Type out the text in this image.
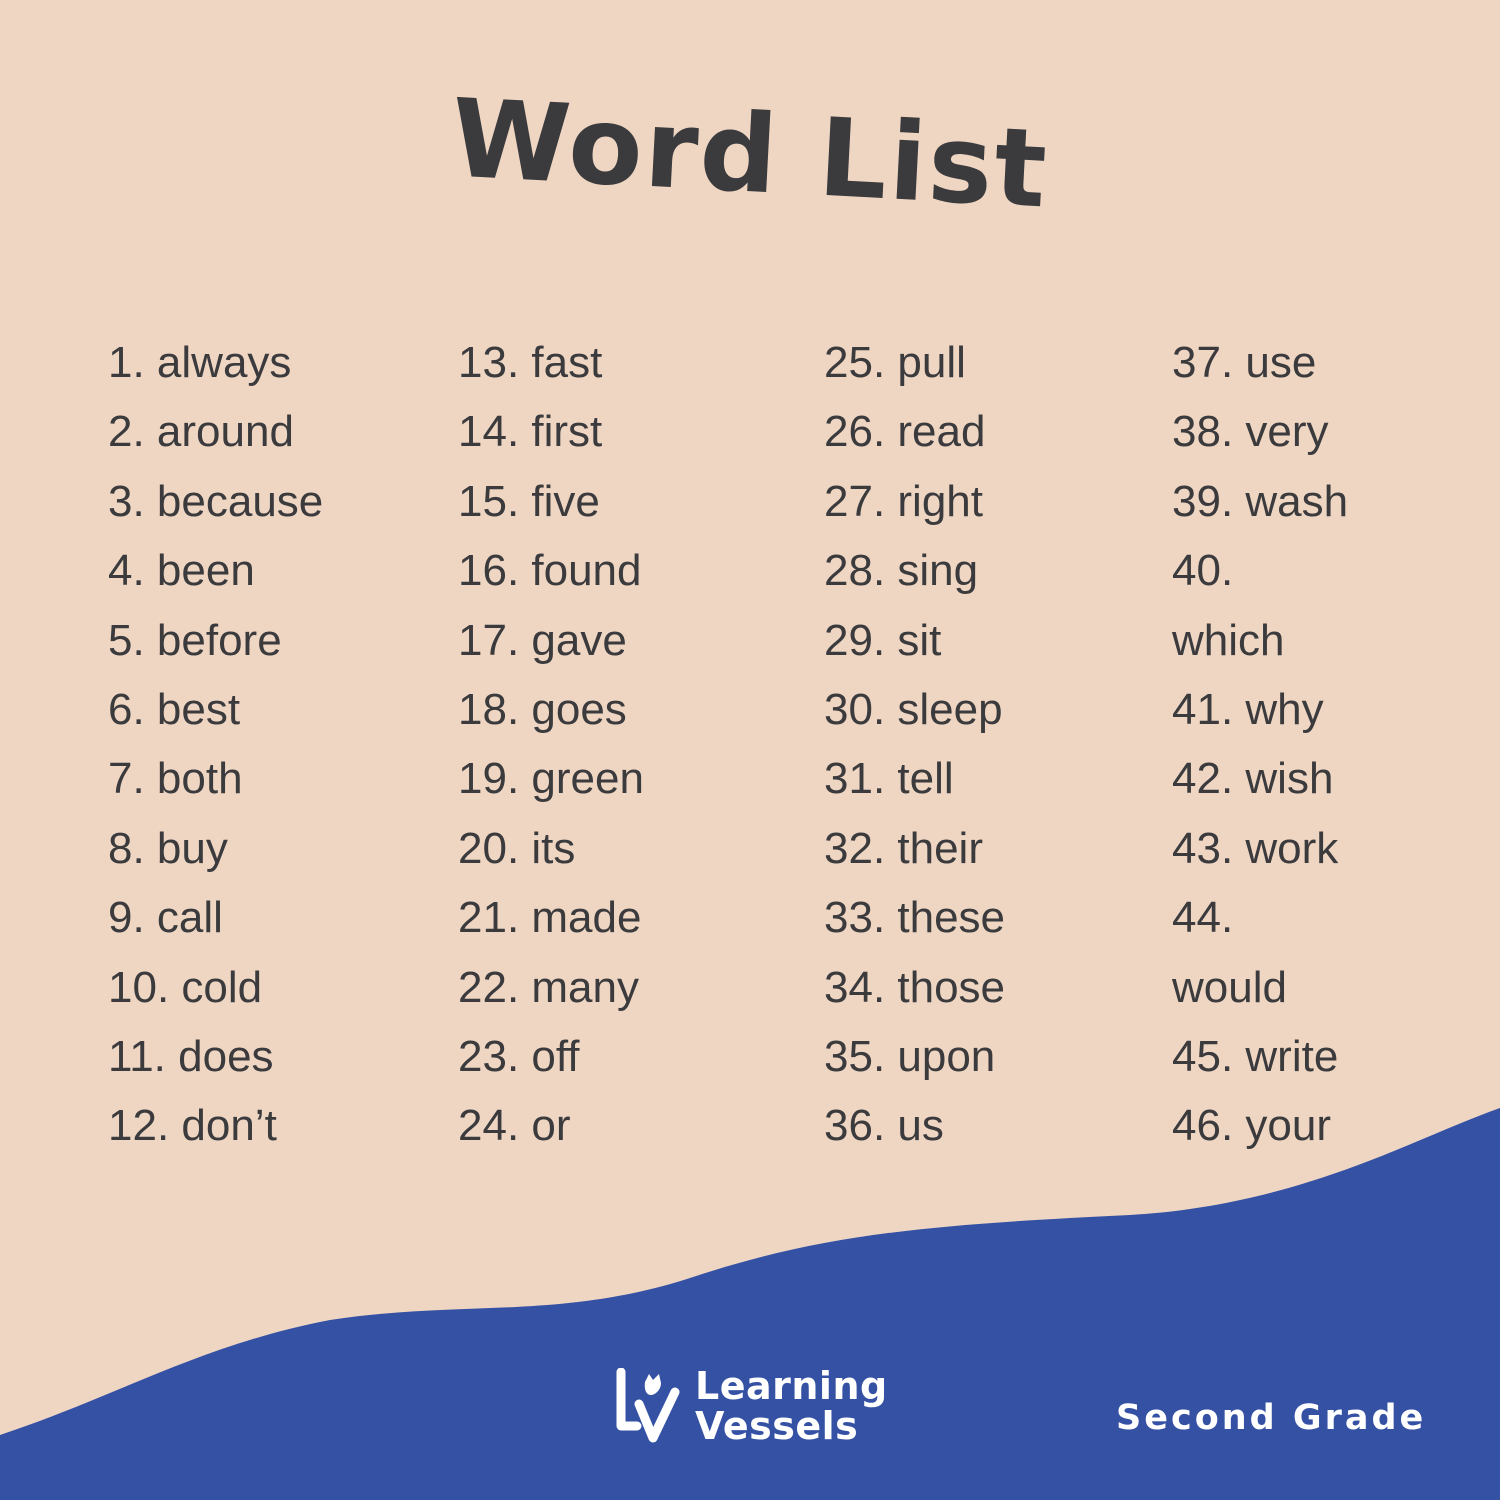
Word List
1. always
2. around
3. because
4. been
5. before
6. best
7. both
8. buy
9. call
10. cold
11. does
12. don’t
13. fast
14. first
15. five
16. found
17. gave
18. goes
19. green
20. its
21. made
22. many
23. off
24. or
25. pull
26. read
27. right
28. sing
29. sit
30. sleep
31. tell
32. their
33. these
34. those
35. upon
36. us
37. use
38. very
39. wash
40.
which
41. why
42. wish
43. work
44.
would
45. write
46. your
Learning
Vessels	Second Grade
